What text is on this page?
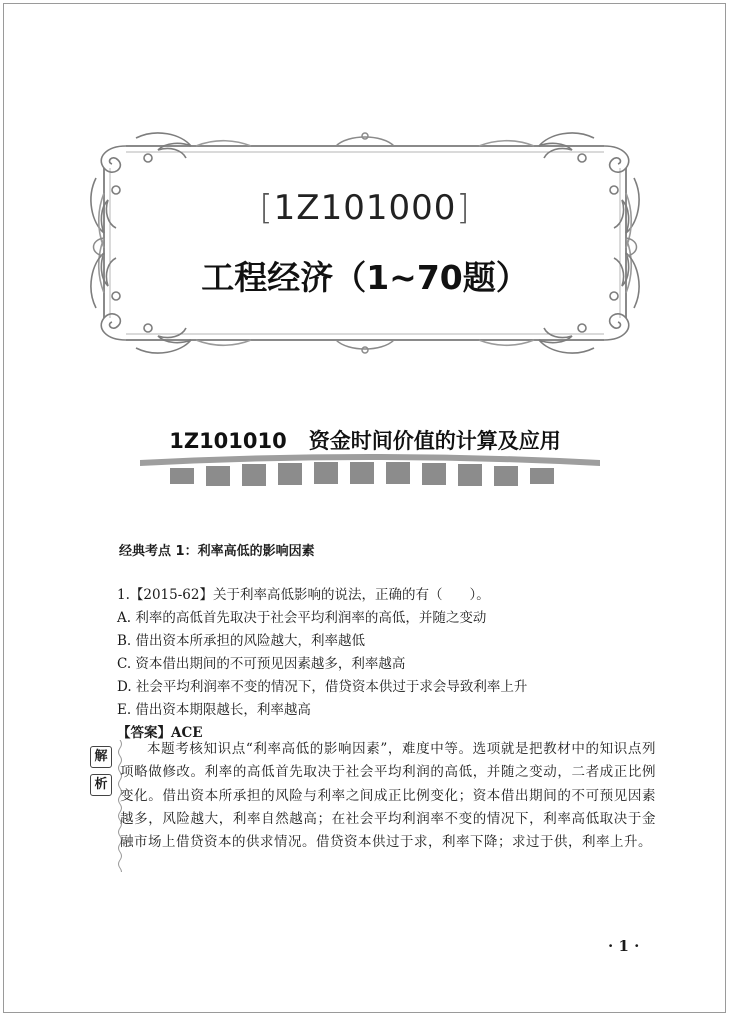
[1Z101000]
工程经济（1~70题）
1Z101010 资金时间价值的计算及应用
经典考点 1：利率高低的影响因素
1.【2015-62】关于利率高低影响的说法，正确的有（　　）。
A. 利率的高低首先取决于社会平均利润率的高低，并随之变动
B. 借出资本所承担的风险越大，利率越低
C. 资本借出期间的不可预见因素越多，利率越高
D. 社会平均利润率不变的情况下，借贷资本供过于求会导致利率上升
E. 借出资本期限越长，利率越高
【答案】ACE
解
析
本题考核知识点“利率高低的影响因素”，难度中等。选项就是把教材中的知识点列项略做修改。利率的高低首先取决于社会平均利润的高低，并随之变动，二者成正比例变化。借出资本所承担的风险与利率之间成正比例变化；资本借出期间的不可预见因素越多，风险越大，利率自然越高；在社会平均利润率不变的情况下，利率高低取决于金融市场上借贷资本的供求情况。借贷资本供过于求，利率下降；求过于供，利率上升。
· 1 ·
